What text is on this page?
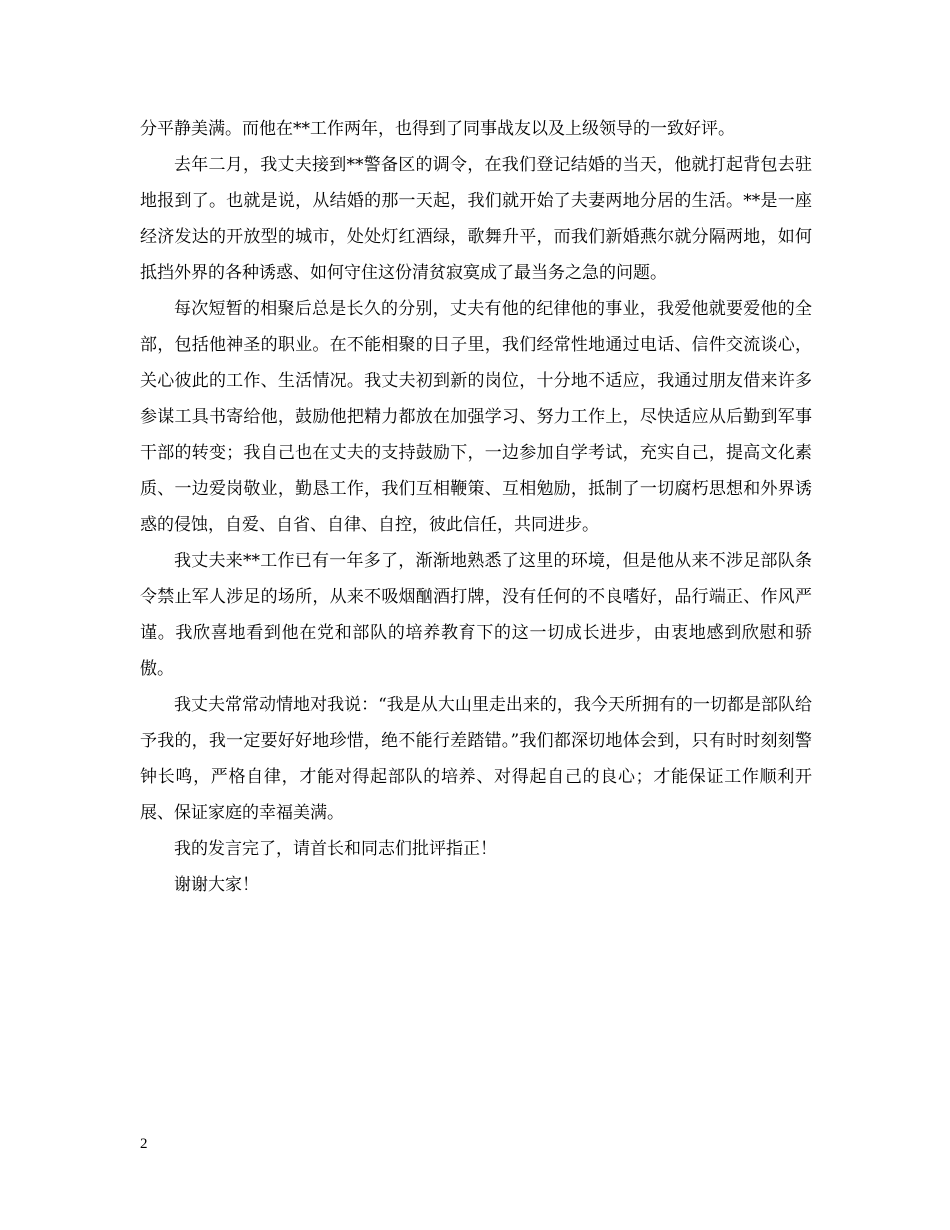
分平静美满。而他在**工作两年，也得到了同事战友以及上级领导的一致好评。

去年二月，我丈夫接到**警备区的调令，在我们登记结婚的当天，他就打起背包去驻地报到了。也就是说，从结婚的那一天起，我们就开始了夫妻两地分居的生活。**是一座经济发达的开放型的城市，处处灯红酒绿，歌舞升平，而我们新婚燕尔就分隔两地，如何抵挡外界的各种诱惑、如何守住这份清贫寂寞成了最当务之急的问题。

每次短暂的相聚后总是长久的分别，丈夫有他的纪律他的事业，我爱他就要爱他的全部，包括他神圣的职业。在不能相聚的日子里，我们经常性地通过电话、信件交流谈心，关心彼此的工作、生活情况。我丈夫初到新的岗位，十分地不适应，我通过朋友借来许多参谋工具书寄给他，鼓励他把精力都放在加强学习、努力工作上，尽快适应从后勤到军事干部的转变；我自己也在丈夫的支持鼓励下，一边参加自学考试，充实自己，提高文化素质、一边爱岗敬业，勤恳工作，我们互相鞭策、互相勉励，抵制了一切腐朽思想和外界诱惑的侵蚀，自爱、自省、自律、自控，彼此信任，共同进步。

我丈夫来**工作已有一年多了，渐渐地熟悉了这里的环境，但是他从来不涉足部队条令禁止军人涉足的场所，从来不吸烟酗酒打牌，没有任何的不良嗜好，品行端正、作风严谨。我欣喜地看到他在党和部队的培养教育下的这一切成长进步，由衷地感到欣慰和骄傲。

我丈夫常常动情地对我说：“我是从大山里走出来的，我今天所拥有的一切都是部队给予我的，我一定要好好地珍惜，绝不能行差踏错。”我们都深切地体会到，只有时时刻刻警钟长鸣，严格自律，才能对得起部队的培养、对得起自己的良心；才能保证工作顺利开展、保证家庭的幸福美满。

我的发言完了，请首长和同志们批评指正！

谢谢大家！

2
